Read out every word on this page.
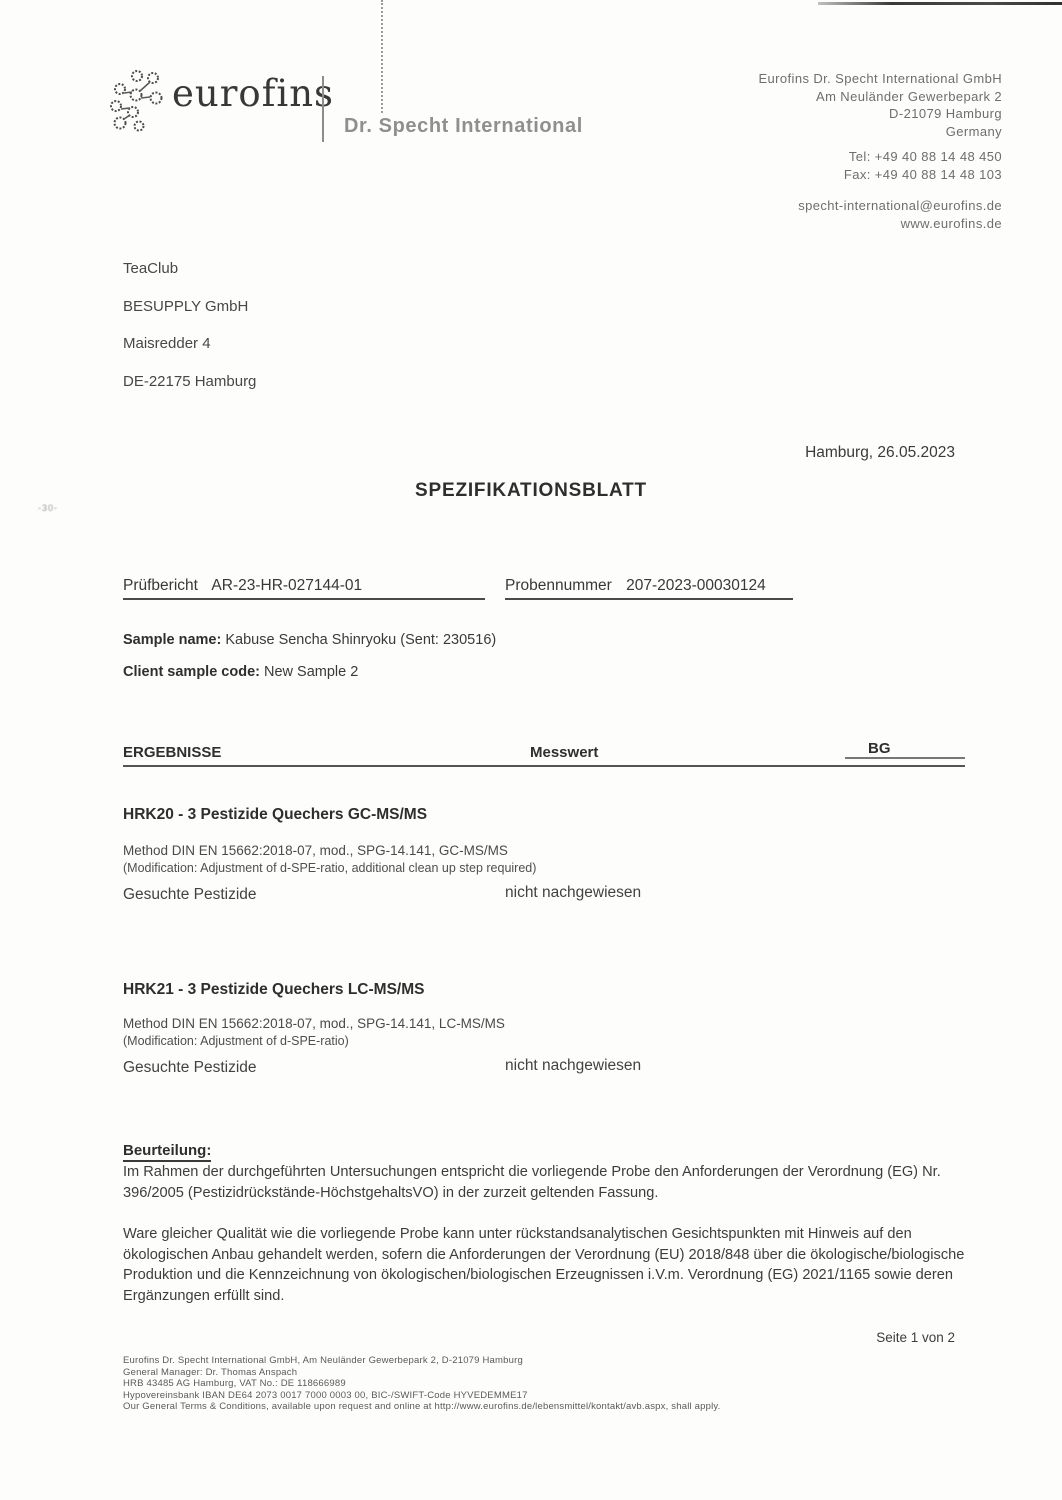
-30-
eurofins
Dr. Specht International
Eurofins Dr. Specht International GmbH
Am Neuländer Gewerbepark 2
D-21079 Hamburg
Germany
Tel: +49 40 88 14 48 450
Fax: +49 40 88 14 48 103
specht-international@eurofins.de
www.eurofins.de
TeaClub
BESUPPLY GmbH
Maisredder 4
DE-22175 Hamburg
Hamburg, 26.05.2023
SPEZIFIKATIONSBLATT
Prüfbericht AR-23-HR-027144-01	Probennummer 207-2023-00030124
Sample name: Kabuse Sencha Shinryoku (Sent: 230516)
Client sample code: New Sample 2
ERGEBNISSE	Messwert	BG
HRK20 - 3 Pestizide Quechers GC-MS/MS
Method DIN EN 15662:2018-07, mod., SPG-14.141, GC-MS/MS
(Modification: Adjustment of d-SPE-ratio, additional clean up step required)
Gesuchte Pestizide	nicht nachgewiesen
HRK21 - 3 Pestizide Quechers LC-MS/MS
Method DIN EN 15662:2018-07, mod., SPG-14.141, LC-MS/MS
(Modification: Adjustment of d-SPE-ratio)
Gesuchte Pestizide	nicht nachgewiesen
Beurteilung:
Im Rahmen der durchgeführten Untersuchungen entspricht die vorliegende Probe den Anforderungen der Verordnung (EG) Nr. 396/2005 (Pestizidrückstände-HöchstgehaltsVO) in der zurzeit geltenden Fassung.
Ware gleicher Qualität wie die vorliegende Probe kann unter rückstandsanalytischen Gesichtspunkten mit Hinweis auf den ökologischen Anbau gehandelt werden, sofern die Anforderungen der Verordnung (EU) 2018/848 über die ökologische/biologische Produktion und die Kennzeichnung von ökologischen/biologischen Erzeugnissen i.V.m. Verordnung (EG) 2021/1165 sowie deren Ergänzungen erfüllt sind.
Seite 1 von 2
Eurofins Dr. Specht International GmbH, Am Neuländer Gewerbepark 2, D-21079 Hamburg
General Manager: Dr. Thomas Anspach
HRB 43485 AG Hamburg, VAT No.: DE 118666989
Hypovereinsbank IBAN DE64 2073 0017 7000 0003 00, BIC-/SWIFT-Code HYVEDEMME17
Our General Terms & Conditions, available upon request and online at http://www.eurofins.de/lebensmittel/kontakt/avb.aspx, shall apply.
